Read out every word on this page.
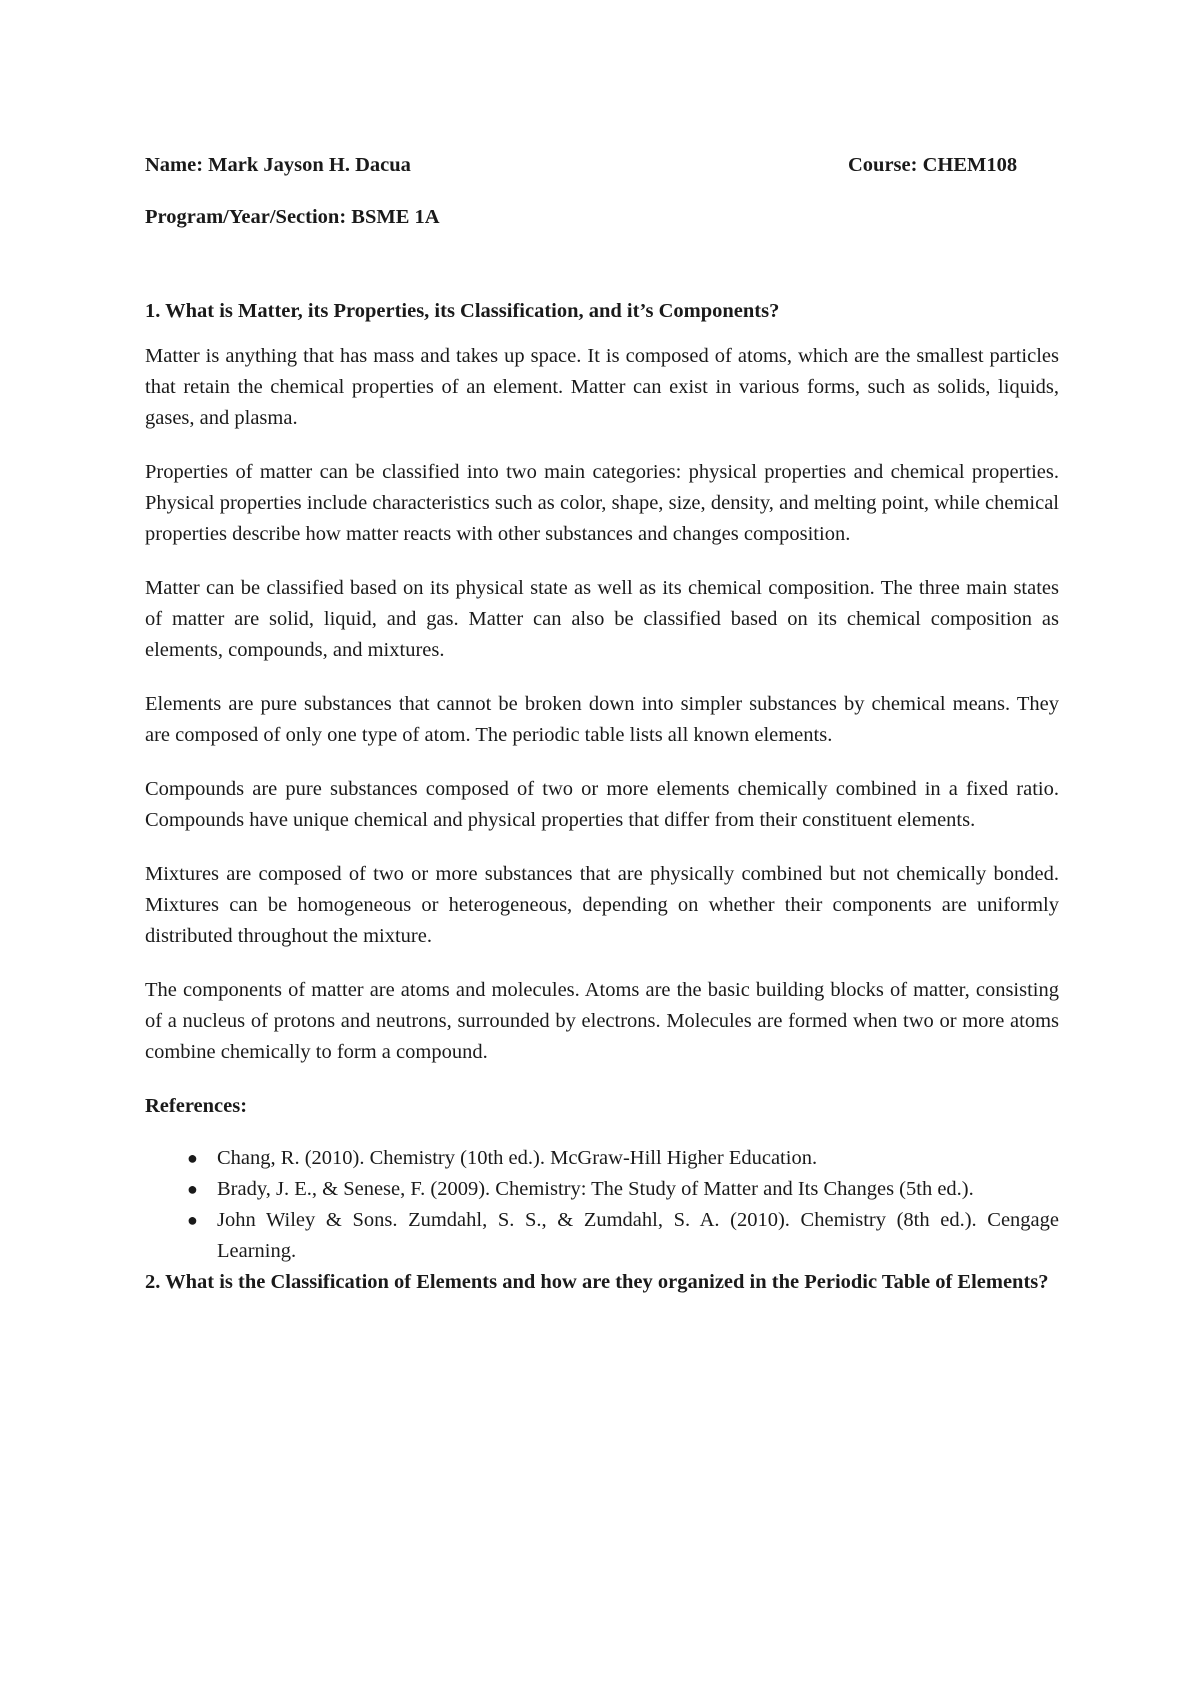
Name: Mark Jayson H. Dacua	Course: CHEM108
Program/Year/Section: BSME 1A
1. What is Matter, its Properties, its Classification, and it’s Components?

Matter is anything that has mass and takes up space. It is composed of atoms, which are the smallest particles that retain the chemical properties of an element. Matter can exist in various forms, such as solids, liquids, gases, and plasma.

Properties of matter can be classified into two main categories: physical properties and chemical properties. Physical properties include characteristics such as color, shape, size, density, and melting point, while chemical properties describe how matter reacts with other substances and changes composition.

Matter can be classified based on its physical state as well as its chemical composition. The three main states of matter are solid, liquid, and gas. Matter can also be classified based on its chemical composition as elements, compounds, and mixtures.

Elements are pure substances that cannot be broken down into simpler substances by chemical means. They are composed of only one type of atom. The periodic table lists all known elements.

Compounds are pure substances composed of two or more elements chemically combined in a fixed ratio. Compounds have unique chemical and physical properties that differ from their constituent elements.

Mixtures are composed of two or more substances that are physically combined but not chemically bonded. Mixtures can be homogeneous or heterogeneous, depending on whether their components are uniformly distributed throughout the mixture.

The components of matter are atoms and molecules. Atoms are the basic building blocks of matter, consisting of a nucleus of protons and neutrons, surrounded by electrons. Molecules are formed when two or more atoms combine chemically to form a compound.

References:
● Chang, R. (2010). Chemistry (10th ed.). McGraw-Hill Higher Education.
● Brady, J. E., & Senese, F. (2009). Chemistry: The Study of Matter and Its Changes (5th ed.).
● John Wiley & Sons. Zumdahl, S. S., & Zumdahl, S. A. (2010). Chemistry (8th ed.). Cengage Learning.
2. What is the Classification of Elements and how are they organized in the Periodic Table of Elements?
